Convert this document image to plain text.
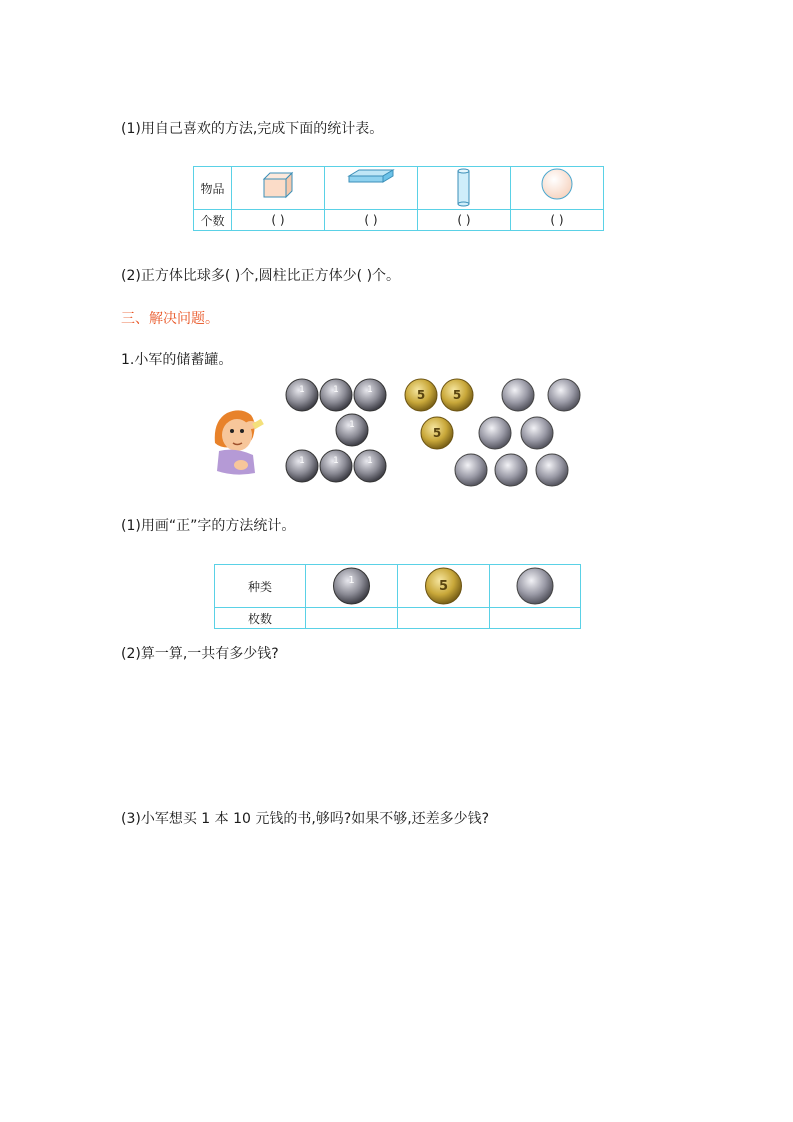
(1)用自己喜欢的方法,完成下面的统计表。
物品	

个数	( )	( )	( )	( )
(2)正方体比球多( )个,圆柱比正方体少( )个。
三、解决问题。
1.小军的储蓄罐。
1	1	1
1
1	1	1
5 5
5
(1)用画“正”字的方法统计。
种类	1	5

枚数			
(2)算一算,一共有多少钱?
(3)小军想买 1 本 10 元钱的书,够吗?如果不够,还差多少钱?
